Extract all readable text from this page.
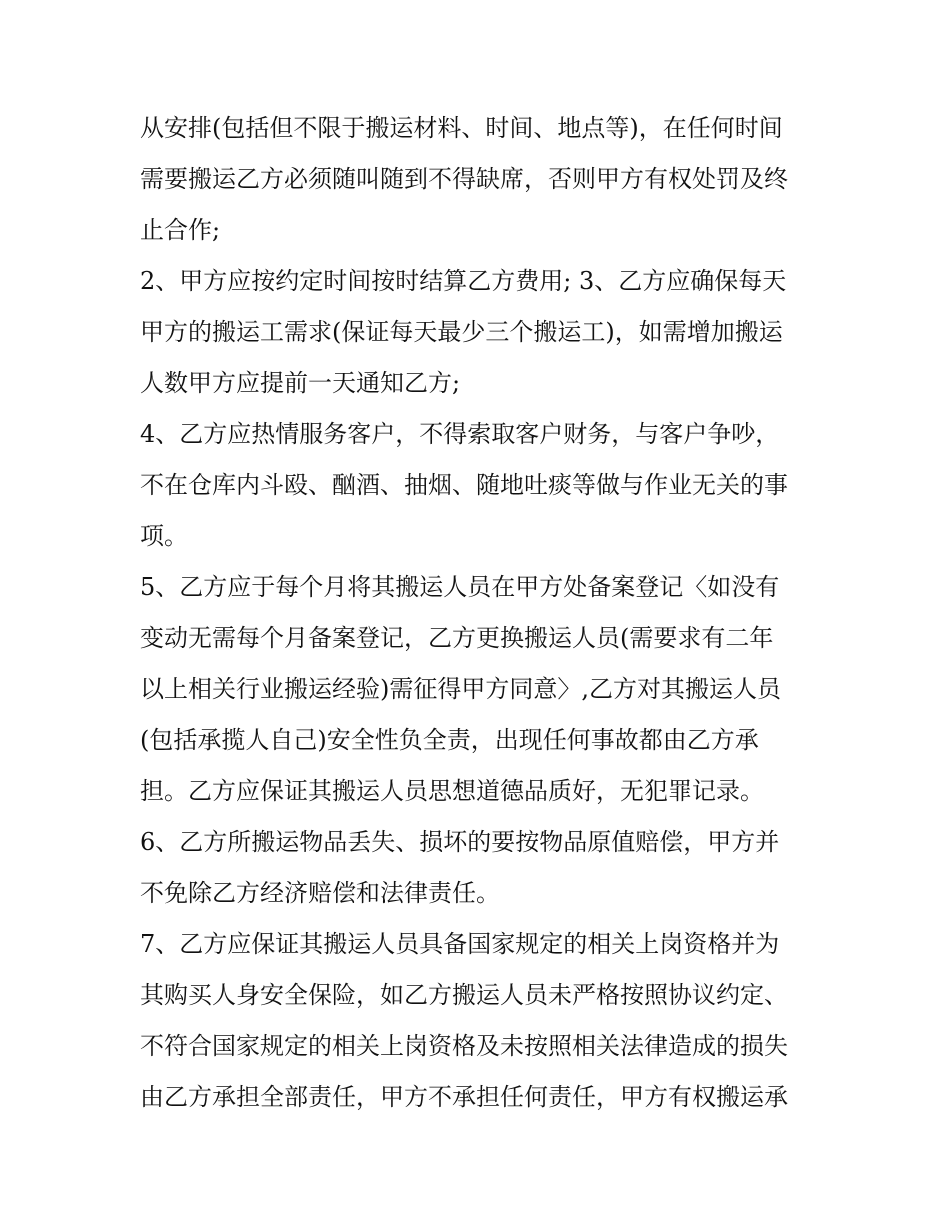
从安排(包括但不限于搬运材料、时间、地点等)，在任何时间
需要搬运乙方必须随叫随到不得缺席，否则甲方有权处罚及终
止合作;
2、甲方应按约定时间按时结算乙方费用; 3、乙方应确保每天
甲方的搬运工需求(保证每天最少三个搬运工)，如需增加搬运
人数甲方应提前一天通知乙方;
4、乙方应热情服务客户，不得索取客户财务，与客户争吵，
不在仓库内斗殴、酗酒、抽烟、随地吐痰等做与作业无关的事
项。
5、乙方应于每个月将其搬运人员在甲方处备案登记〈如没有
变动无需每个月备案登记，乙方更换搬运人员(需要求有二年
以上相关行业搬运经验)需征得甲方同意〉,乙方对其搬运人员
(包括承揽人自己)安全性负全责，出现任何事故都由乙方承
担。乙方应保证其搬运人员思想道德品质好，无犯罪记录。
6、乙方所搬运物品丢失、损坏的要按物品原值赔偿，甲方并
不免除乙方经济赔偿和法律责任。
7、乙方应保证其搬运人员具备国家规定的相关上岗资格并为
其购买人身安全保险，如乙方搬运人员未严格按照协议约定、
不符合国家规定的相关上岗资格及未按照相关法律造成的损失
由乙方承担全部责任，甲方不承担任何责任，甲方有权搬运承
